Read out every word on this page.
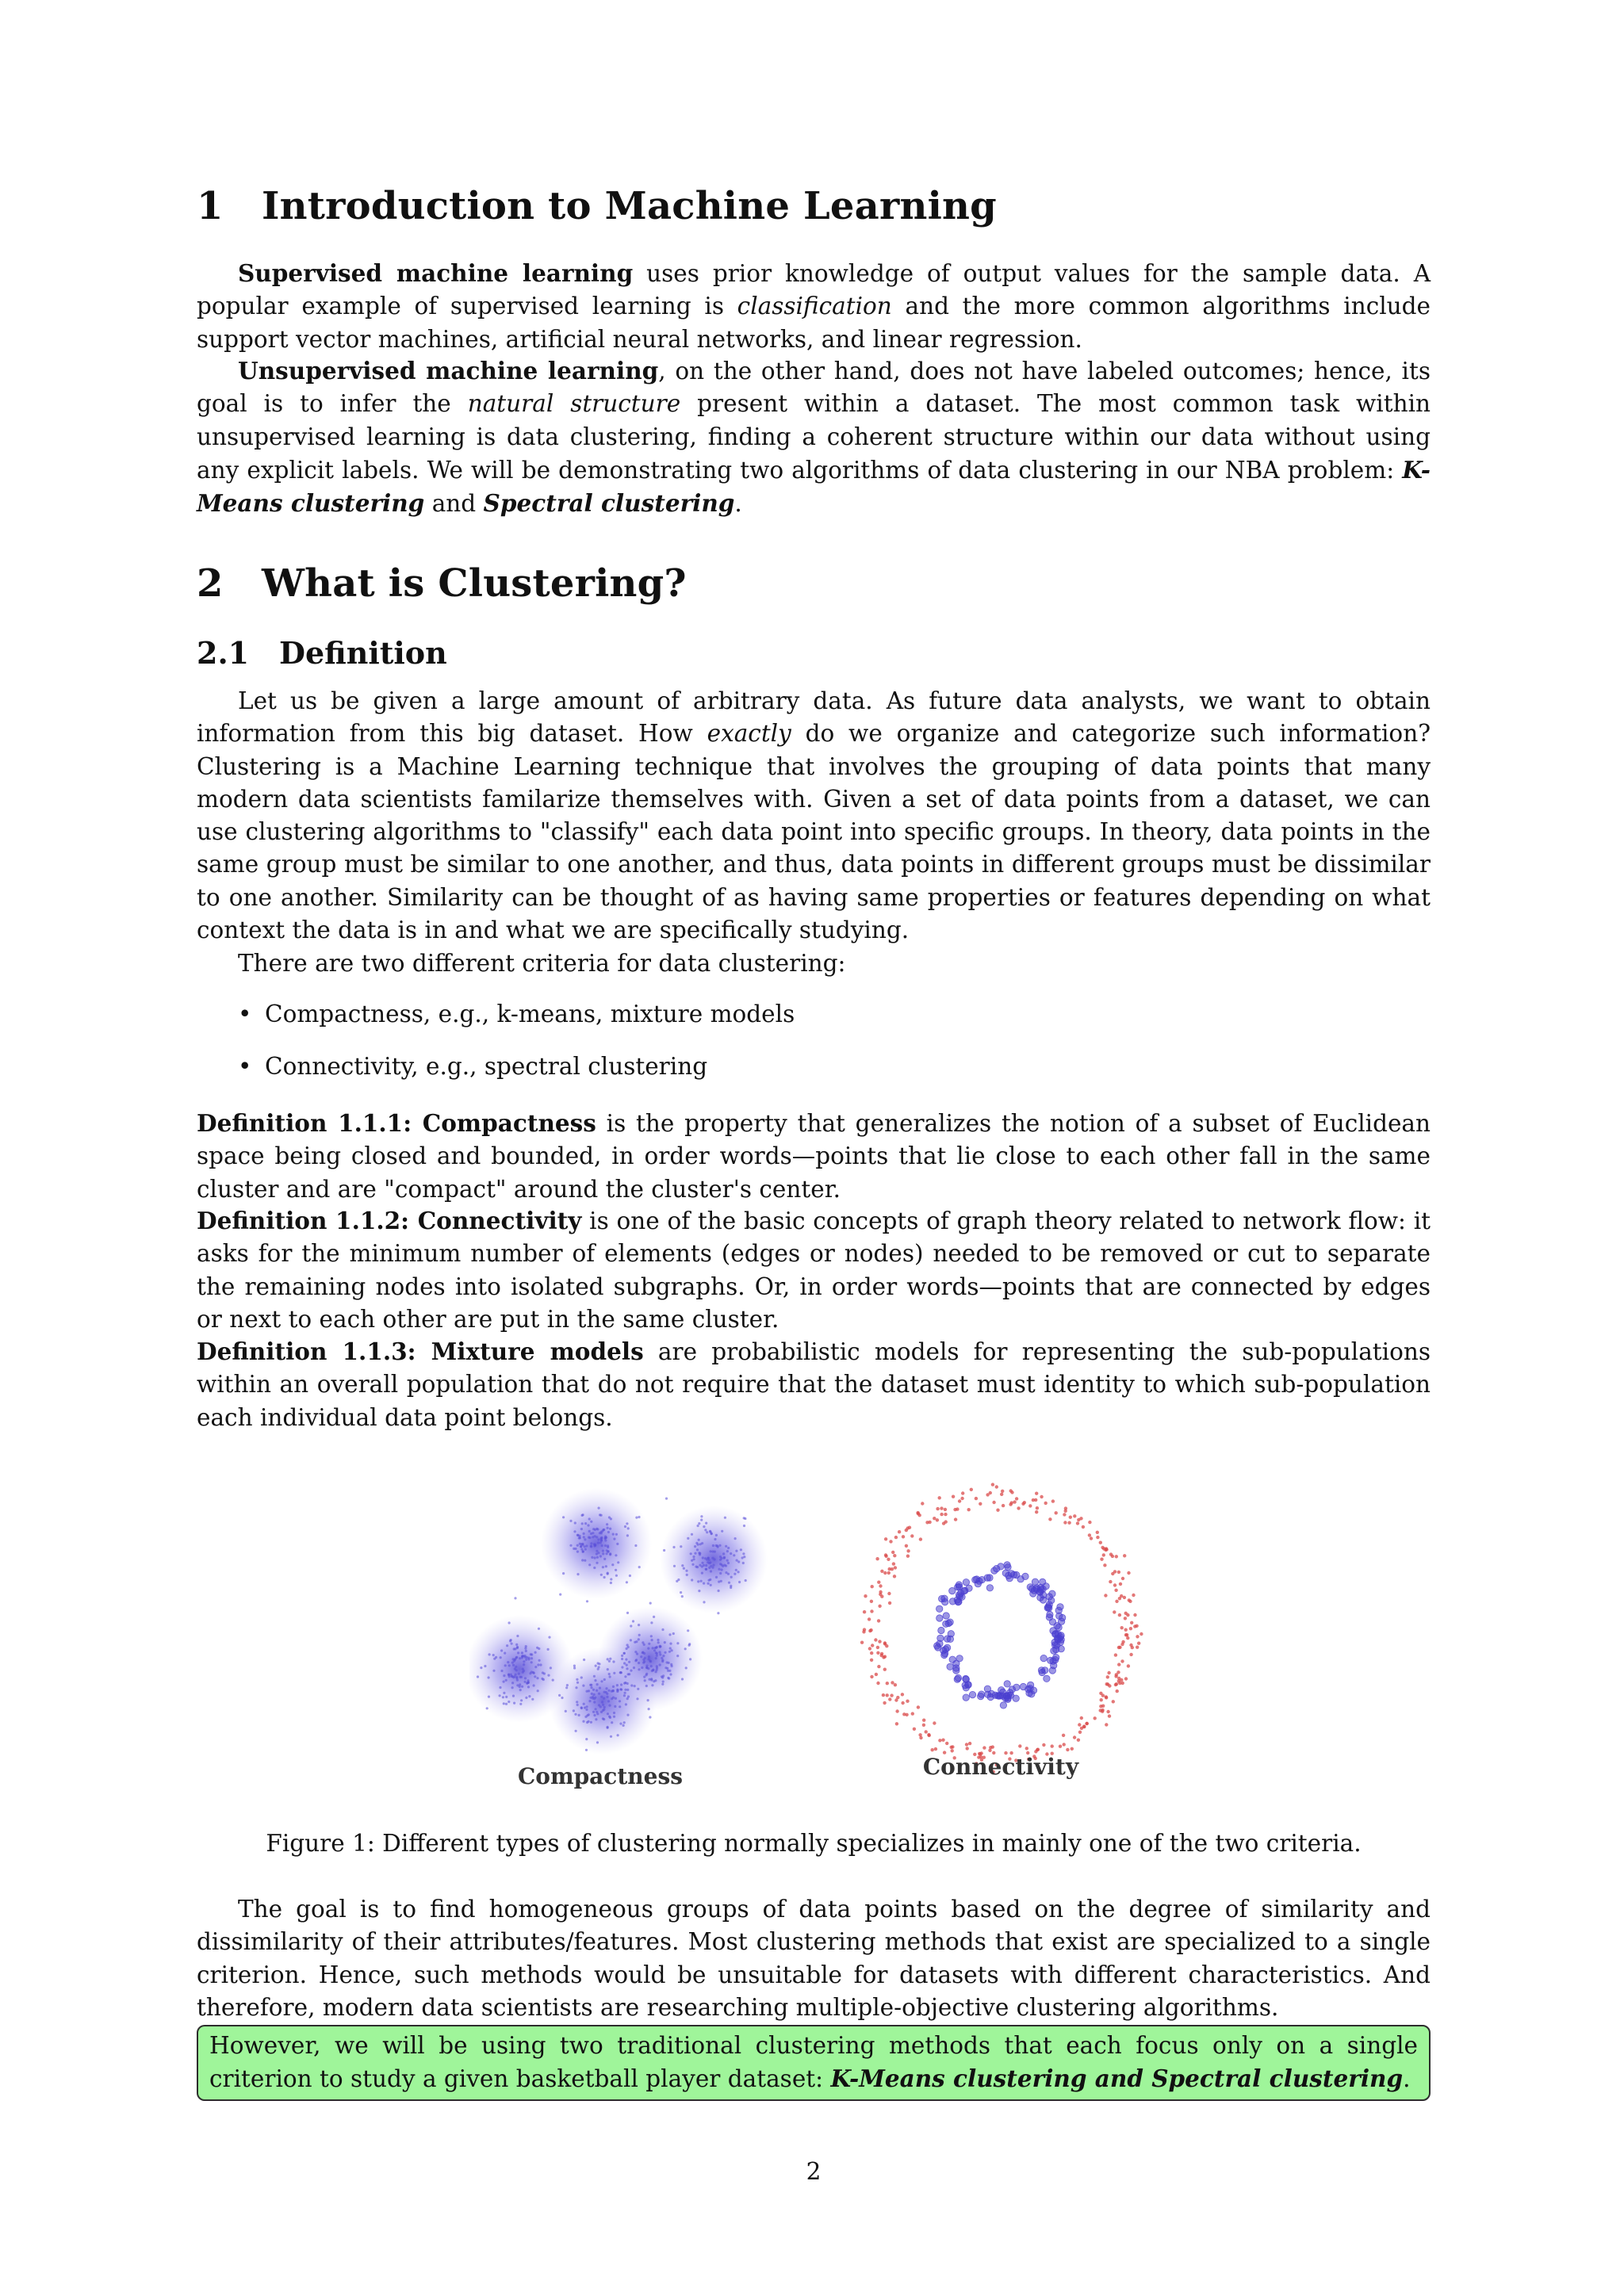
1 Introduction to Machine Learning

Supervised machine learning uses prior knowledge of output values for the sample data. A popular example of supervised learning is classification and the more common algorithms include support vector machines, artificial neural networks, and linear regression.

Unsupervised machine learning, on the other hand, does not have labeled outcomes; hence, its goal is to infer the natural structure present within a dataset. The most common task within unsupervised learning is data clustering, finding a coherent structure within our data without using any explicit labels. We will be demonstrating two algorithms of data clustering in our NBA problem: K-Means clustering and Spectral clustering.

2 What is Clustering?
2.1 Definition

Let us be given a large amount of arbitrary data. As future data analysts, we want to obtain information from this big dataset. How exactly do we organize and categorize such information? Clustering is a Machine Learning technique that involves the grouping of data points that many modern data scientists familarize themselves with. Given a set of data points from a dataset, we can use clustering algorithms to "classify" each data point into specific groups. In theory, data points in the same group must be similar to one another, and thus, data points in different groups must be dissimilar to one another. Similarity can be thought of as having same properties or features depending on what context the data is in and what we are specifically studying.

There are two different criteria for data clustering:

• Compactness, e.g., k-means, mixture models
• Connectivity, e.g., spectral clustering

Definition 1.1.1: Compactness is the property that generalizes the notion of a subset of Euclidean space being closed and bounded, in order words—points that lie close to each other fall in the same cluster and are "compact" around the cluster's center.

Definition 1.1.2: Connectivity is one of the basic concepts of graph theory related to network flow: it asks for the minimum number of elements (edges or nodes) needed to be removed or cut to separate the remaining nodes into isolated subgraphs. Or, in order words—points that are connected by edges or next to each other are put in the same cluster.

Definition 1.1.3: Mixture models are probabilistic models for representing the sub-populations within an overall population that do not require that the dataset must identity to which sub-population each individual data point belongs.

Figure 1: Different types of clustering normally specializes in mainly one of the two criteria.

The goal is to find homogeneous groups of data points based on the degree of similarity and dissimilarity of their attributes/features. Most clustering methods that exist are specialized to a single criterion. Hence, such methods would be unsuitable for datasets with different characteristics. And therefore, modern data scientists are researching multiple-objective clustering algorithms.

However, we will be using two traditional clustering methods that each focus only on a single criterion to study a given basketball player dataset: K-Means clustering and Spectral clustering.

2

Compactness	Connectivity
